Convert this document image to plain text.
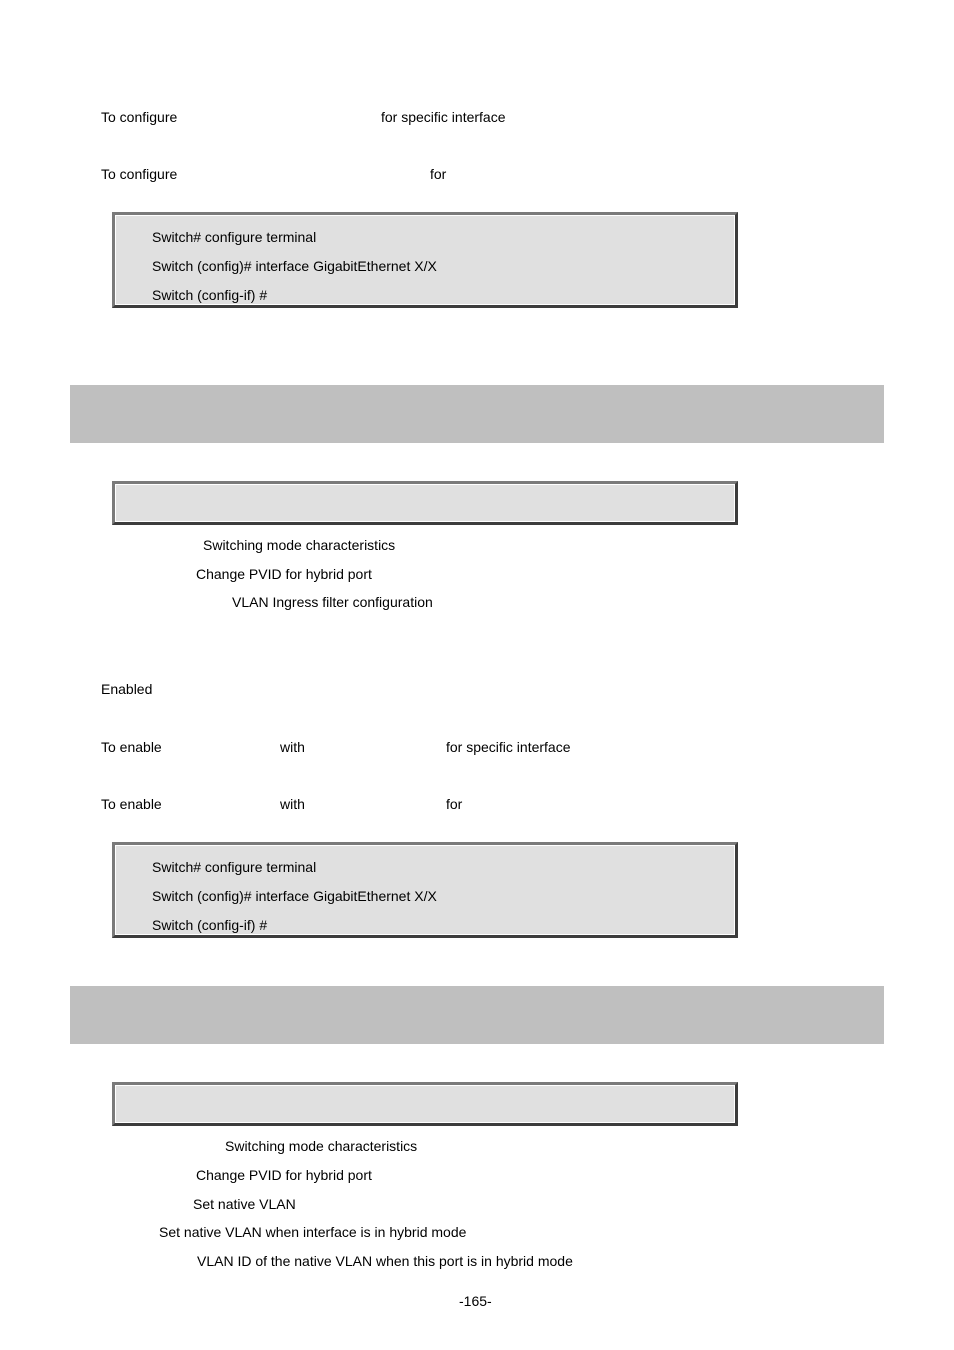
To configure	for specific interface
To configure	for
Switch# configure terminal
Switch (config)# interface GigabitEthernet X/X
Switch (config-if) #
Switching mode characteristics
Change PVID for hybrid port
VLAN Ingress filter configuration
Enabled
To enable	with	for specific interface
To enable	with	for
Switch# configure terminal
Switch (config)# interface GigabitEthernet X/X
Switch (config-if) #
Switching mode characteristics
Change PVID for hybrid port
Set native VLAN
Set native VLAN when interface is in hybrid mode
VLAN ID of the native VLAN when this port is in hybrid mode
-165-
